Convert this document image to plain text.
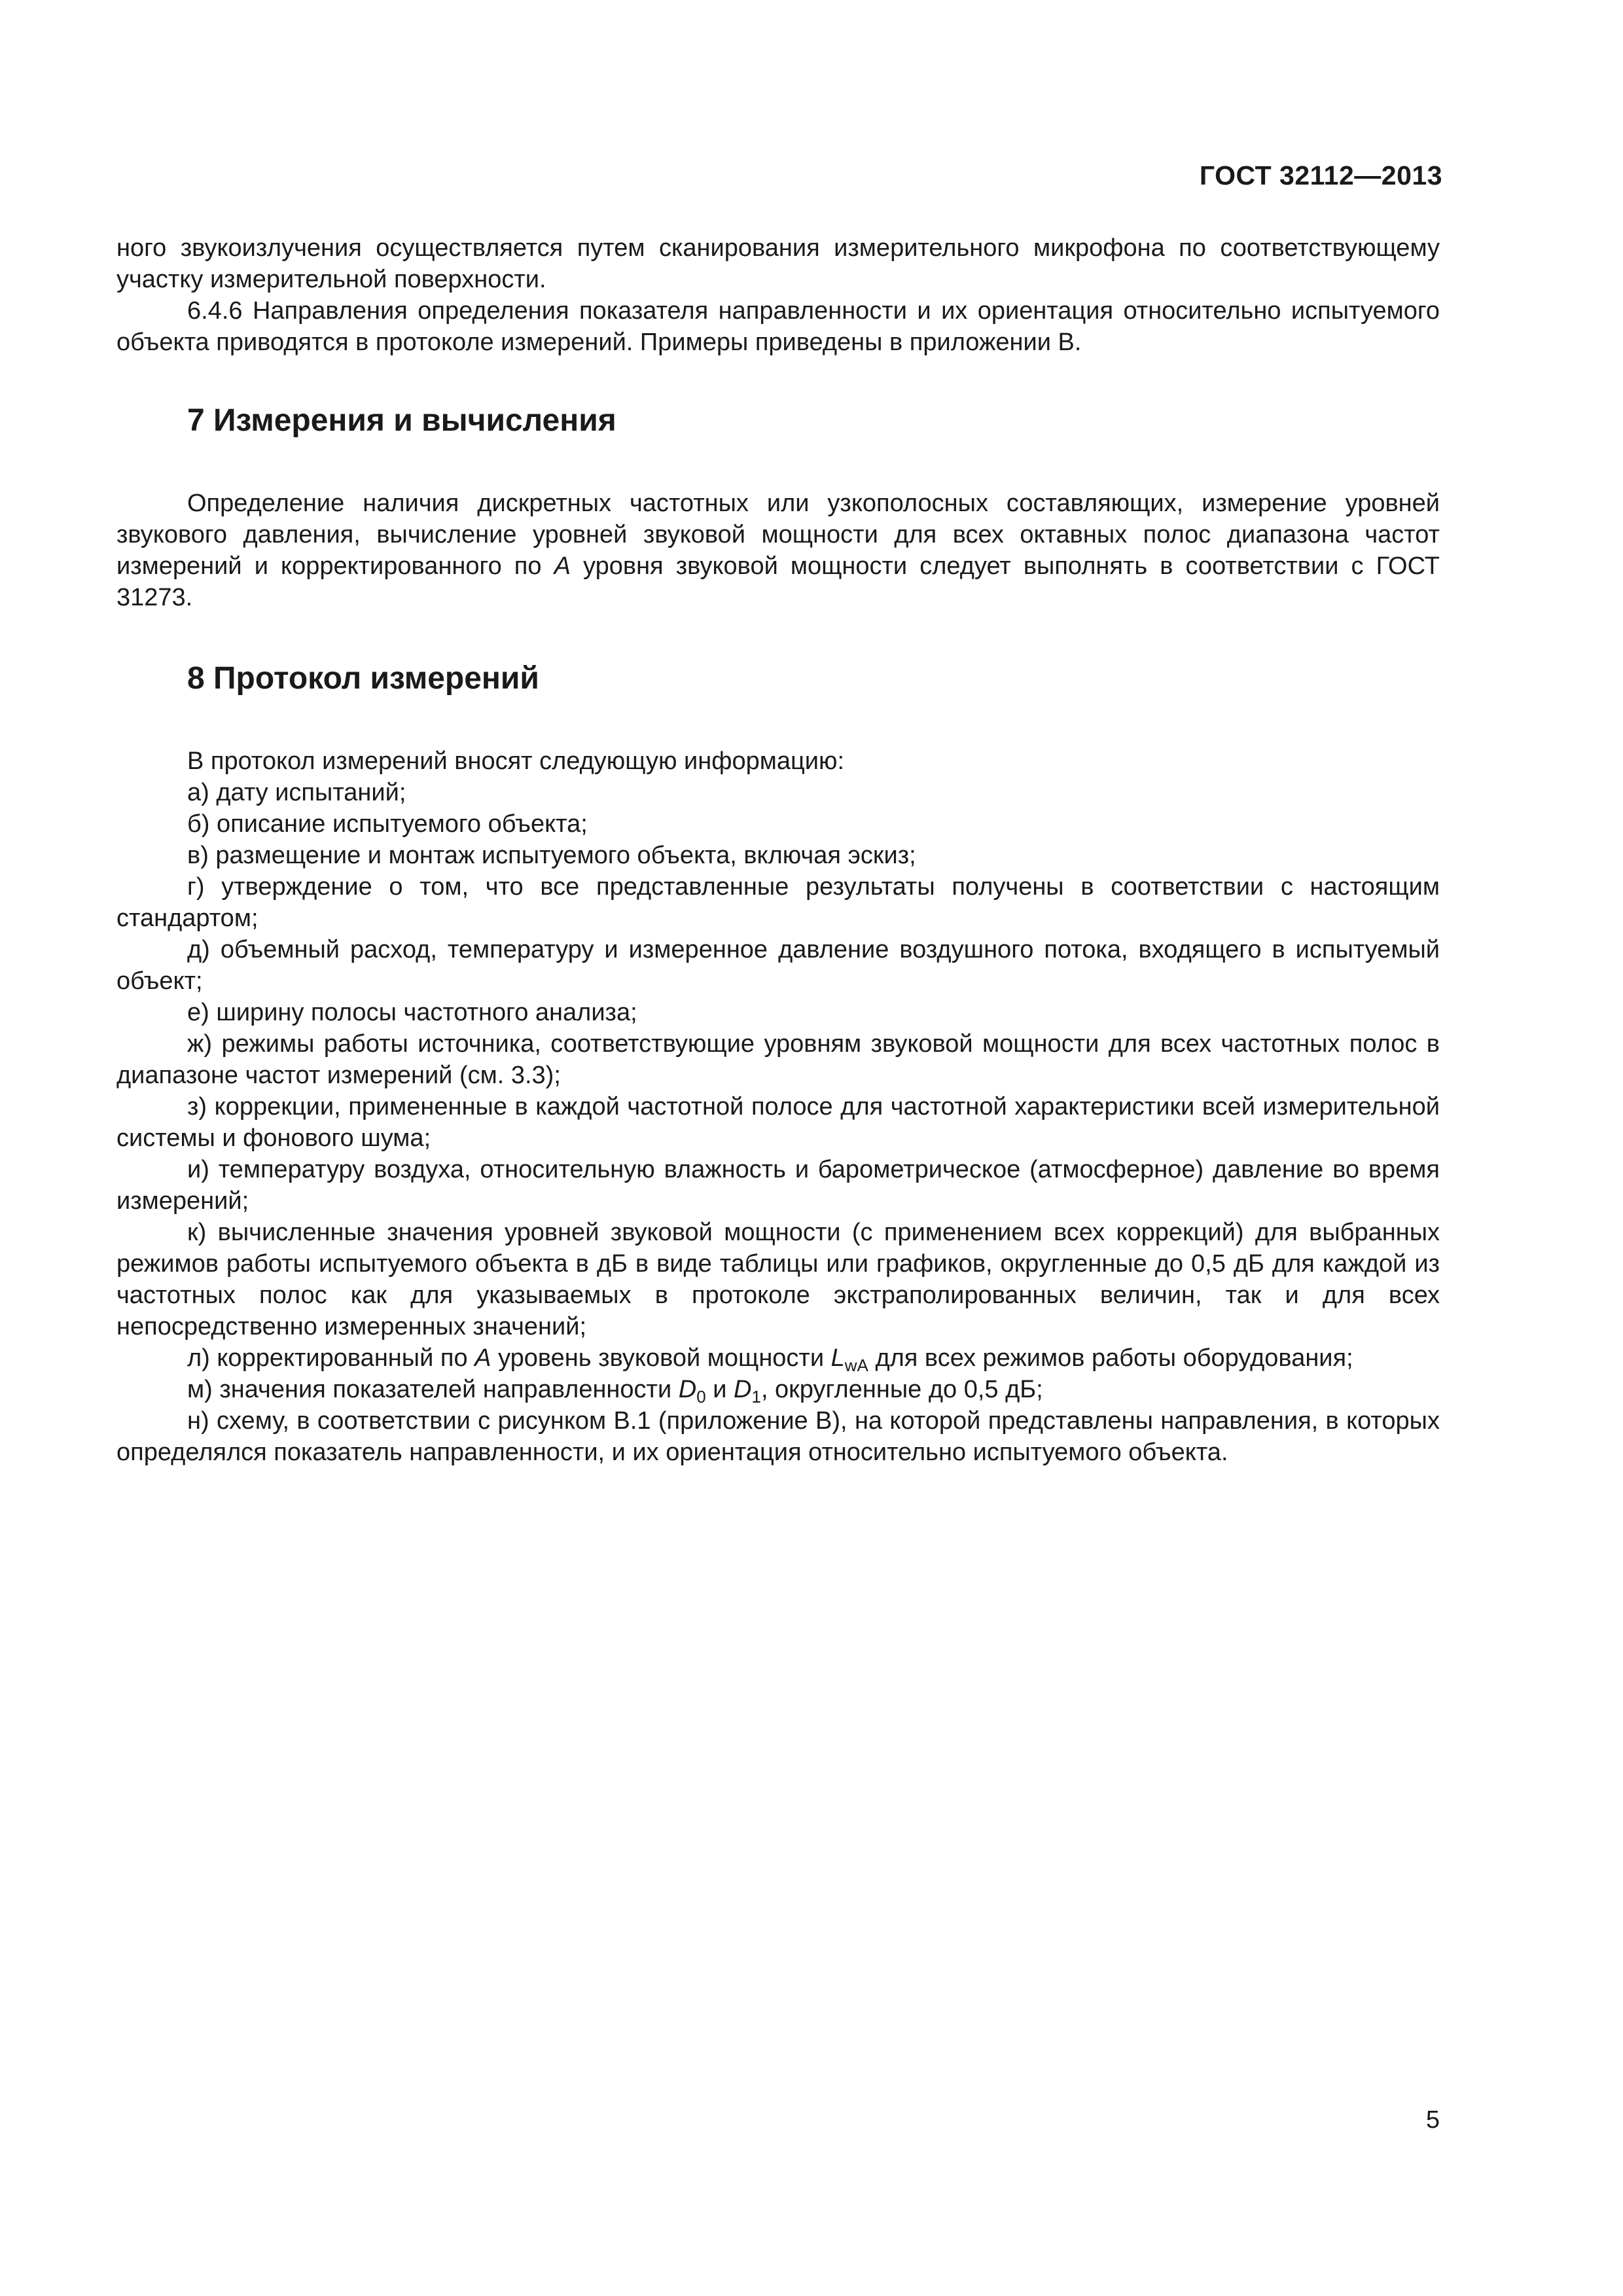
ГОСТ 32112—2013

ного звукоизлучения осуществляется путем сканирования измерительного микрофона по соответствующему участку измерительной поверхности.

6.4.6 Направления определения показателя направленности и их ориентация относительно испытуемого объекта приводятся в протоколе измерений. Примеры приведены в приложении В.

7 Измерения и вычисления

Определение наличия дискретных частотных или узкополосных составляющих, измерение уровней звукового давления, вычисление уровней звуковой мощности для всех октавных полос диапазона частот измерений и корректированного по A уровня звуковой мощности следует выполнять в соответствии с ГОСТ 31273.

8 Протокол измерений

В протокол измерений вносят следующую информацию:

а) дату испытаний;

б) описание испытуемого объекта;

в) размещение и монтаж испытуемого объекта, включая эскиз;

г) утверждение о том, что все представленные результаты получены в соответствии с настоящим стандартом;

д) объемный расход, температуру и измеренное давление воздушного потока, входящего в испытуемый объект;

е) ширину полосы частотного анализа;

ж) режимы работы источника, соответствующие уровням звуковой мощности для всех частотных полос в диапазоне частот измерений (см. 3.3);

з) коррекции, примененные в каждой частотной полосе для частотной характеристики всей измерительной системы и фонового шума;

и) температуру воздуха, относительную влажность и барометрическое (атмосферное) давление во время измерений;

к) вычисленные значения уровней звуковой мощности (с применением всех коррекций) для выбранных режимов работы испытуемого объекта в дБ в виде таблицы или графиков, округленные до 0,5 дБ для каждой из частотных полос как для указываемых в протоколе экстраполированных величин, так и для всех непосредственно измеренных значений;

л) корректированный по A уровень звуковой мощности $L_{wA}$ для всех режимов работы оборудования;

м) значения показателей направленности $D_0$ и $D_1$, округленные до 0,5 дБ;

н) схему, в соответствии с рисунком В.1 (приложение В), на которой представлены направления, в которых определялся показатель направленности, и их ориентация относительно испытуемого объекта.

5
